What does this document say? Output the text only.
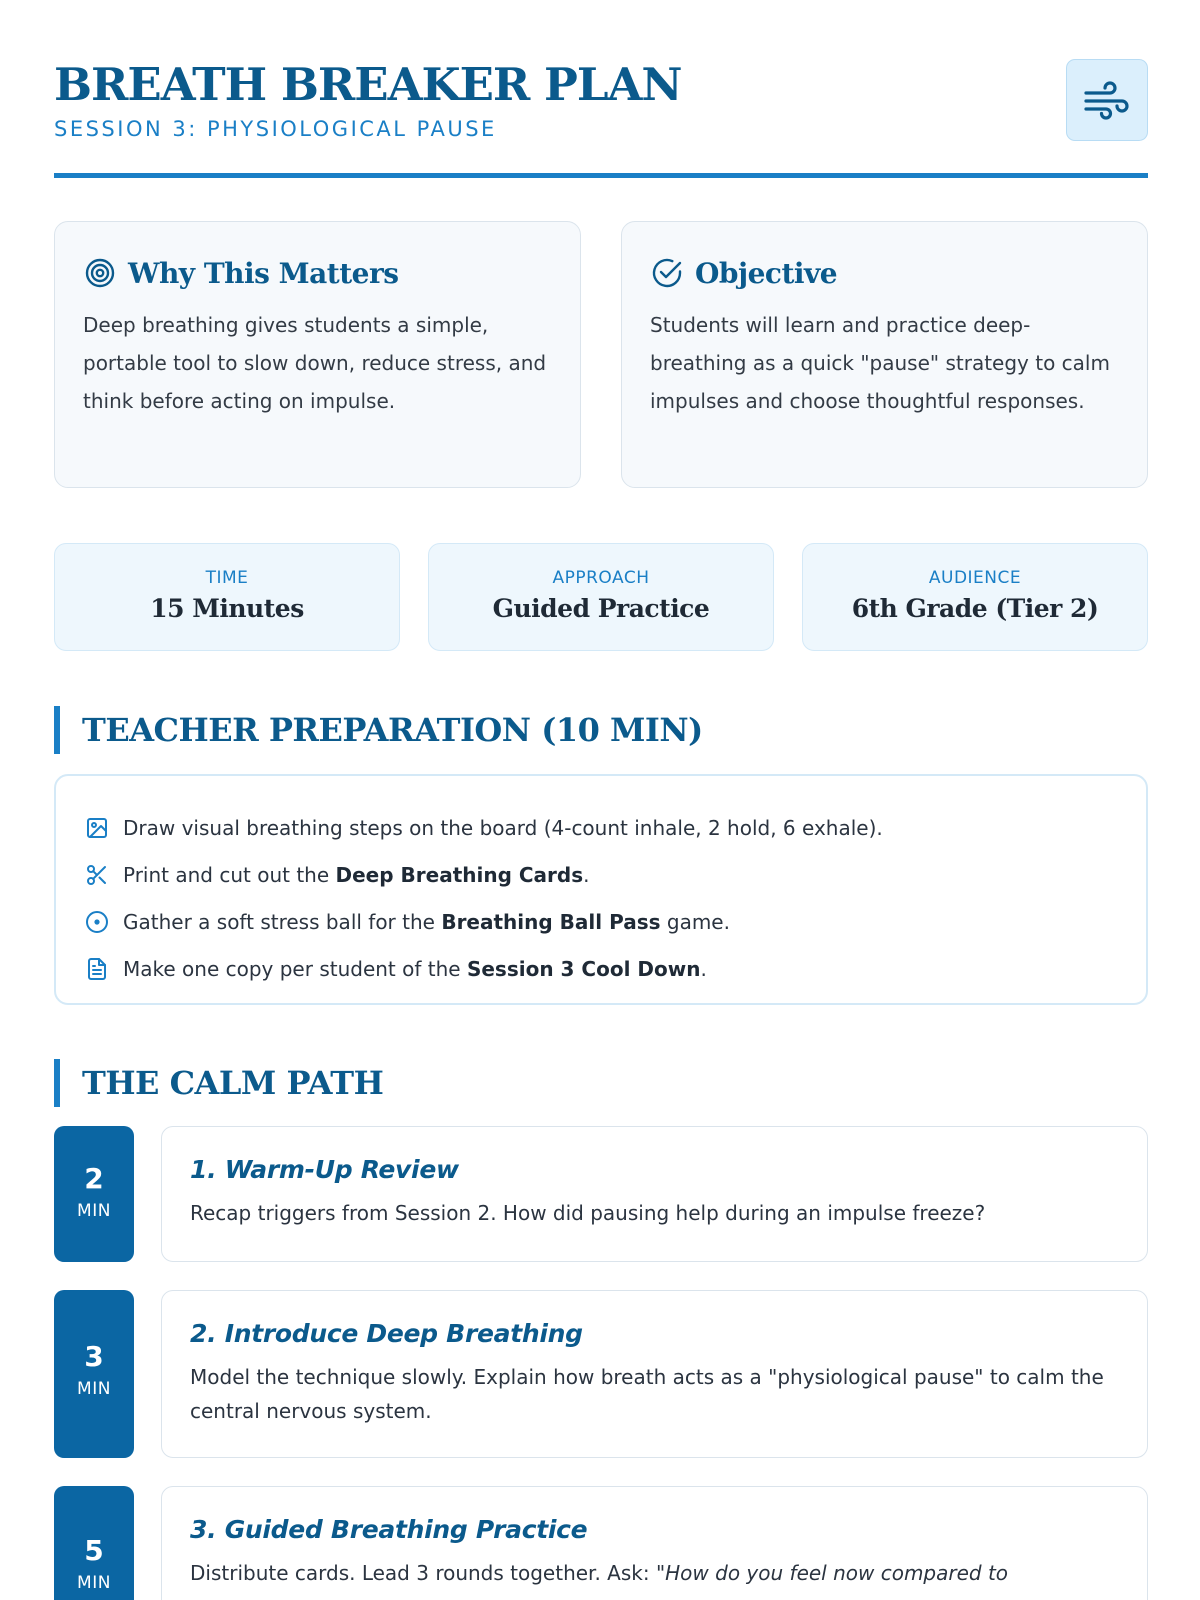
BREATH BREAKER PLAN
SESSION 3: PHYSIOLOGICAL PAUSE
Why This Matters
Deep breathing gives students a simple, portable tool to slow down, reduce stress, and think before acting on impulse.
Objective
Students will learn and practice deep-breathing as a quick "pause" strategy to calm impulses and choose thoughtful responses.
TIME
15 Minutes
APPROACH
Guided Practice
AUDIENCE
6th Grade (Tier 2)
TEACHER PREPARATION (10 MIN)
Draw visual breathing steps on the board (4-count inhale, 2 hold, 6 exhale).
Print and cut out the Deep Breathing Cards.
Gather a soft stress ball for the Breathing Ball Pass game.
Make one copy per student of the Session 3 Cool Down.
THE CALM PATH
2
MIN
1. Warm-Up Review
Recap triggers from Session 2. How did pausing help during an impulse freeze?
3
MIN
2. Introduce Deep Breathing
Model the technique slowly. Explain how breath acts as a "physiological pause" to calm the central nervous system.
5
MIN
3. Guided Breathing Practice
Distribute cards. Lead 3 rounds together. Ask: "How do you feel now compared to
